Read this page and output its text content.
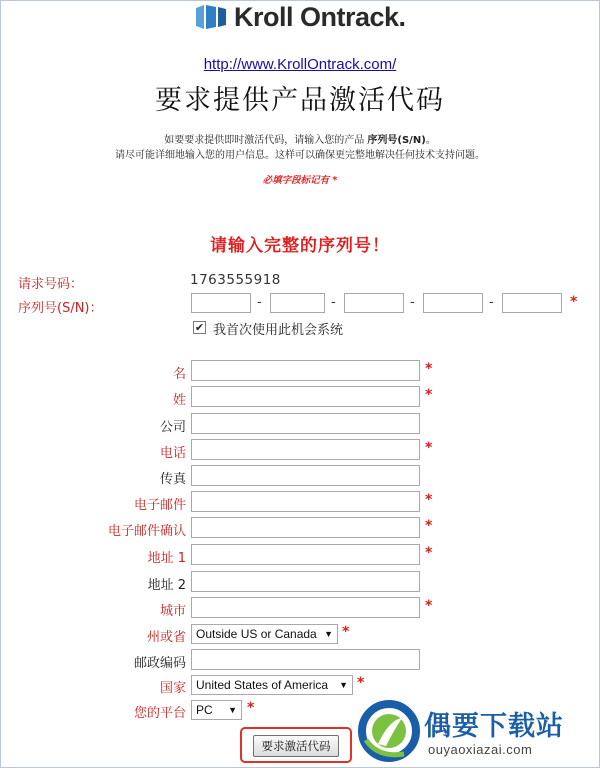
Kroll Ontrack.
http://www.KrollOntrack.com/
要求提供产品激活代码
如要要求提供即时激活代码，请输入您的产品 序列号(S/N)。
请尽可能详细地输入您的用户信息。这样可以确保更完整地解决任何技术支持问题。
必填字段标记有 *
请输入完整的序列号！
请求号码：	1763555918
序列号(S/N)：	-	-	-	-	*
✔ 我首次使用此机会系统
名	*
姓	*
公司
电话	*
传真
电子邮件	*
电子邮件确认	*
地址 1	*
地址 2
城市	*
州或省 Outside US or Canada ▼ *
邮政编码
国家 United States of America ▼ *
您的平台 PC ▼ *
要求激活代码
偶要下载站
ouyaoxiazai.com
